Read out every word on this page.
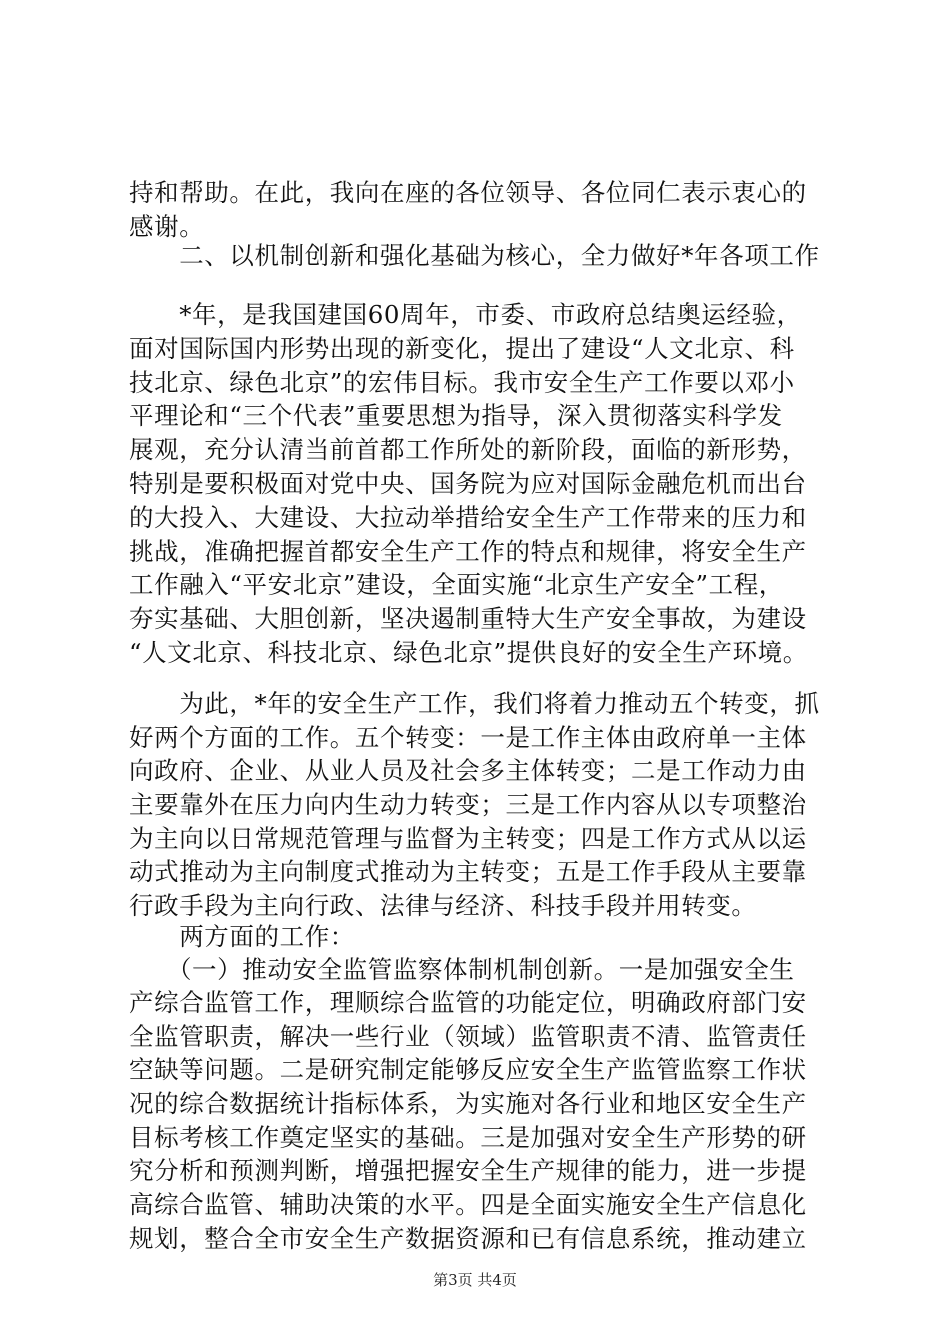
持和帮助。在此，我向在座的各位领导、各位同仁表示衷心的

感谢。

　　二、以机制创新和强化基础为核心，全力做好*年各项工作

　　*年，是我国建国60周年，市委、市政府总结奥运经验，

面对国际国内形势出现的新变化，提出了建设“人文北京、科

技北京、绿色北京”的宏伟目标。我市安全生产工作要以邓小

平理论和“三个代表”重要思想为指导，深入贯彻落实科学发

展观，充分认清当前首都工作所处的新阶段，面临的新形势，

特别是要积极面对党中央、国务院为应对国际金融危机而出台

的大投入、大建设、大拉动举措给安全生产工作带来的压力和

挑战，准确把握首都安全生产工作的特点和规律，将安全生产

工作融入“平安北京”建设，全面实施“北京生产安全”工程，

夯实基础、大胆创新，坚决遏制重特大生产安全事故，为建设

“人文北京、科技北京、绿色北京”提供良好的安全生产环境。

　　为此，*年的安全生产工作，我们将着力推动五个转变，抓

好两个方面的工作。五个转变：一是工作主体由政府单一主体

向政府、企业、从业人员及社会多主体转变；二是工作动力由

主要靠外在压力向内生动力转变；三是工作内容从以专项整治

为主向以日常规范管理与监督为主转变；四是工作方式从以运

动式推动为主向制度式推动为主转变；五是工作手段从主要靠

行政手段为主向行政、法律与经济、科技手段并用转变。

　　两方面的工作：

　　（一）推动安全监管监察体制机制创新。一是加强安全生

产综合监管工作，理顺综合监管的功能定位，明确政府部门安

全监管职责，解决一些行业（领域）监管职责不清、监管责任

空缺等问题。二是研究制定能够反应安全生产监管监察工作状

况的综合数据统计指标体系，为实施对各行业和地区安全生产

目标考核工作奠定坚实的基础。三是加强对安全生产形势的研

究分析和预测判断，增强把握安全生产规律的能力，进一步提

高综合监管、辅助决策的水平。四是全面实施安全生产信息化

规划，整合全市安全生产数据资源和已有信息系统，推动建立

第3页 共4页
